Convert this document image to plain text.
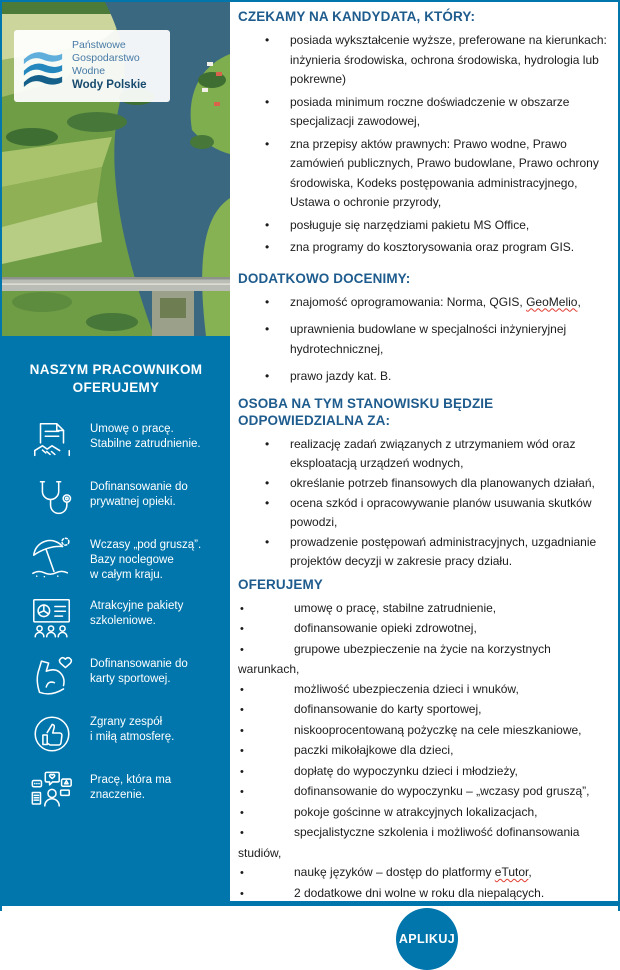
Państwowe
Gospodarstwo Wodne
Wody Polskie
NASZYM PRACOWNIKOM
OFERUJEMY
Umowę o pracę.
Stabilne zatrudnienie.
Dofinansowanie do
prywatnej opieki.
Wczasy „pod gruszą”.
Bazy noclegowe
w całym kraju.
Atrakcyjne pakiety
szkoleniowe.
Dofinansowanie do
karty sportowej.
Zgrany zespół
i miłą atmosferę.
Pracę, która ma
znaczenie.
CZEKAMY NA KANDYDATA, KTÓRY:
• posiada wykształcenie wyższe, preferowane na kierunkach: inżynieria środowiska, ochrona środowiska, hydrologia lub pokrewne)
• posiada minimum roczne doświadczenie w obszarze specjalizacji zawodowej,
• zna przepisy aktów prawnych: Prawo wodne, Prawo zamówień publicznych, Prawo budowlane, Prawo ochrony środowiska, Kodeks postępowania administracyjnego, Ustawa o ochronie przyrody,
• posługuje się narzędziami pakietu MS Office,
• zna programy do kosztorysowania oraz program GIS.
DODATKOWO DOCENIMY:
• znajomość oprogramowania: Norma, QGIS, GeoMelio,
• uprawnienia budowlane w specjalności inżynieryjnej hydrotechnicznej,
• prawo jazdy kat. B.
OSOBA NA TYM STANOWISKU BĘDZIE ODPOWIEDZIALNA ZA:
• realizację zadań związanych z utrzymaniem wód oraz eksploatacją urządzeń wodnych,
• określanie potrzeb finansowych dla planowanych działań,
• ocena szkód i opracowywanie planów usuwania skutków powodzi,
• prowadzenie postępowań administracyjnych, uzgadnianie projektów decyzji w zakresie pracy działu.
OFERUJEMY
• umowę o pracę, stabilne zatrudnienie,
• dofinansowanie opieki zdrowotnej,
• grupowe ubezpieczenie na życie na korzystnych warunkach,
• możliwość ubezpieczenia dzieci i wnuków,
• dofinansowanie do karty sportowej,
• niskooprocentowaną pożyczkę na cele mieszkaniowe,
• paczki mikołajkowe dla dzieci,
• dopłatę do wypoczynku dzieci i młodzieży,
• dofinansowanie do wypoczynku – „wczasy pod gruszą”,
• pokoje gościnne w atrakcyjnych lokalizacjach,
• specjalistyczne szkolenia i możliwość dofinansowania studiów,
• naukę języków – dostęp do platformy eTutor,
• 2 dodatkowe dni wolne w roku dla niepalących.
APLIKUJ
